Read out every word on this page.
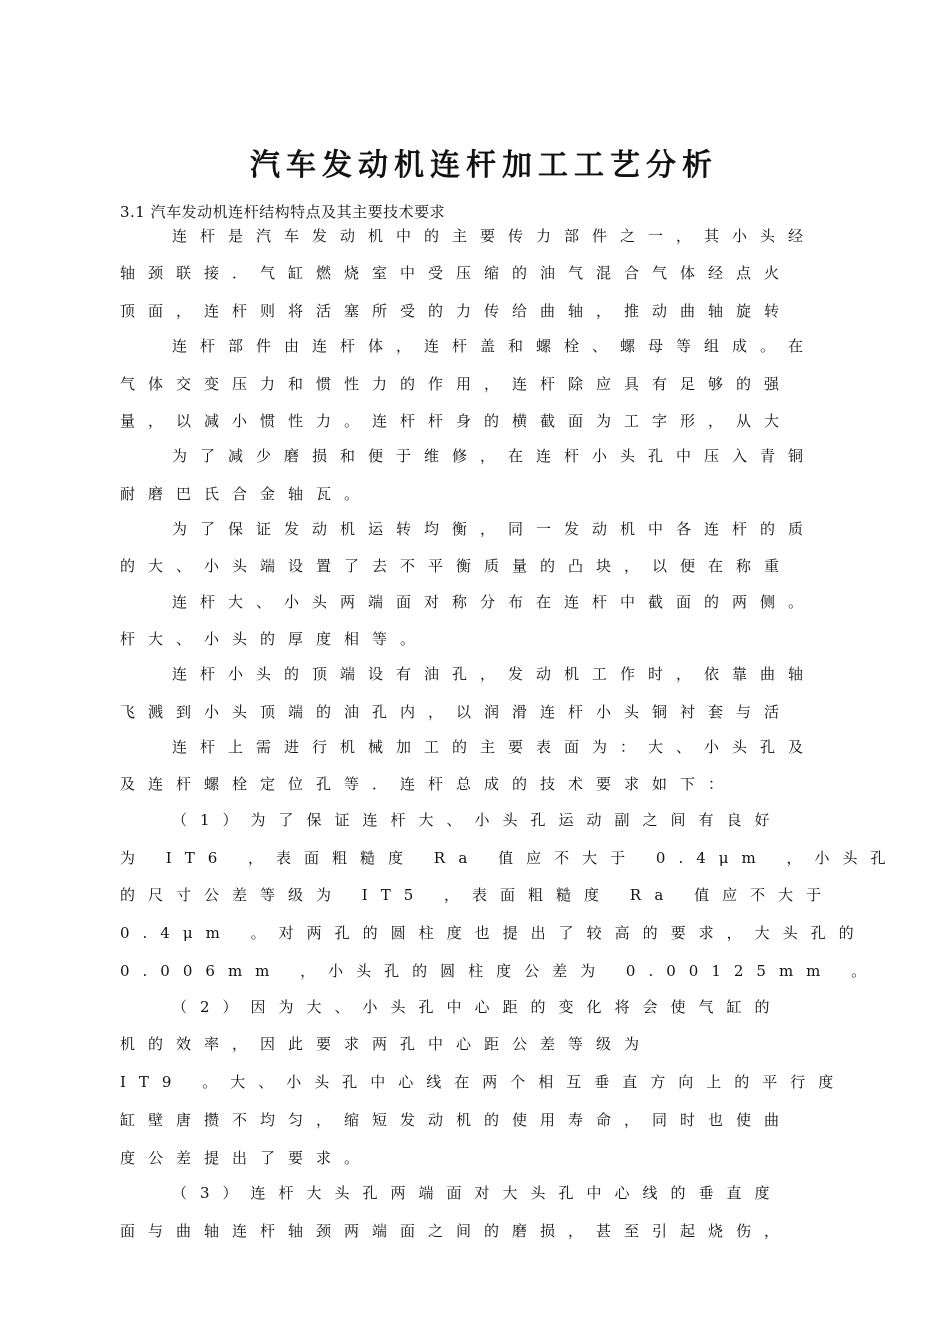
汽车发动机连杆加工工艺分析
3.1 汽车发动机连杆结构特点及其主要技术要求
连杆是汽车发动机中的主要传力部件之一，其小头经
轴颈联接．气缸燃烧室中受压缩的油气混合气体经点火
顶面，连杆则将活塞所受的力传给曲轴，推动曲轴旋转
连杆部件由连杆体，连杆盖和螺栓、螺母等组成。在
气体交变压力和惯性力的作用，连杆除应具有足够的强
量，以减小惯性力。连杆杆身的横截面为工字形，从大
为了减少磨损和便于维修，在连杆小头孔中压入青铜
耐磨巴氏合金轴瓦。
为了保证发动机运转均衡，同一发动机中各连杆的质
的大、小头端设置了去不平衡质量的凸块，以便在称重
连杆大、小头两端面对称分布在连杆中截面的两侧。
杆大、小头的厚度相等。
连杆小头的顶端设有油孔，发动机工作时，依靠曲轴
飞溅到小头顶端的油孔内，以润滑连杆小头铜衬套与活
连杆上需进行机械加工的主要表面为：大、小头孔及
及连杆螺栓定位孔等．连杆总成的技术要求如下：
（1）为了保证连杆大、小头孔运动副之间有良好
为 IT6 ，表面粗糙度 Ra 值应不大于 0.4μm ，小头孔
的尺寸公差等级为 IT5 ，表面粗糙度 Ra 值应不大于
0.4μm 。对两孔的圆柱度也提出了较高的要求，大头孔的
0.006mm ，小头孔的圆柱度公差为 0.00125mm 。
（2）因为大、小头孔中心距的变化将会使气缸的
机的效率，因此要求两孔中心距公差等级为
IT9 。大、小头孔中心线在两个相互垂直方向上的平行度
缸壁唐攒不均匀，缩短发动机的使用寿命，同时也使曲
度公差提出了要求。
（3）连杆大头孔两端面对大头孔中心线的垂直度
面与曲轴连杆轴颈两端面之间的磨损，甚至引起烧伤，
